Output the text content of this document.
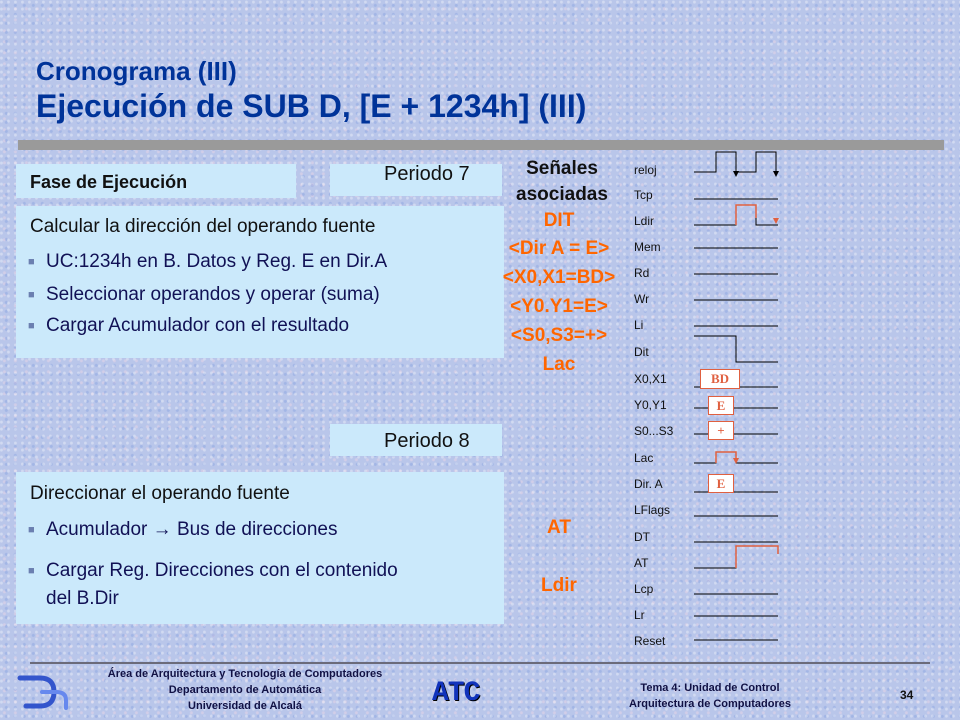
Cronograma (III)
Ejecución de SUB D, [E + 1234h] (III)
Fase de Ejecución	Periodo 7
Calcular la dirección del operando fuente
■ UC:1234h en B. Datos y Reg. E en Dir.A
■ Seleccionar operandos y operar (suma)
■ Cargar Acumulador con el resultado
Periodo 8
Direccionar el operando fuente
■ Acumulador → Bus de direcciones
■ Cargar Reg. Direcciones con el contenido
del B.Dir
Señales
asociadas
DIT
<Dir A = E>
<X0,X1=BD>
<Y0.Y1=E>
<S0,S3=+>
Lac
AT
Ldir
reloj
Tcp
Ldir
Mem
Rd
Wr
Li
Dit
X0,X1
Y0,Y1
S0...S3
Lac
Dir. A
LFlags
DT
AT
Lcp
Lr
Reset
BD
E
+
E
Área de Arquitectura y Tecnología de Computadores
Departamento de Automática
Universidad de Alcalá	ATC	Tema 4: Unidad de Control
Arquitectura de Computadores
34
